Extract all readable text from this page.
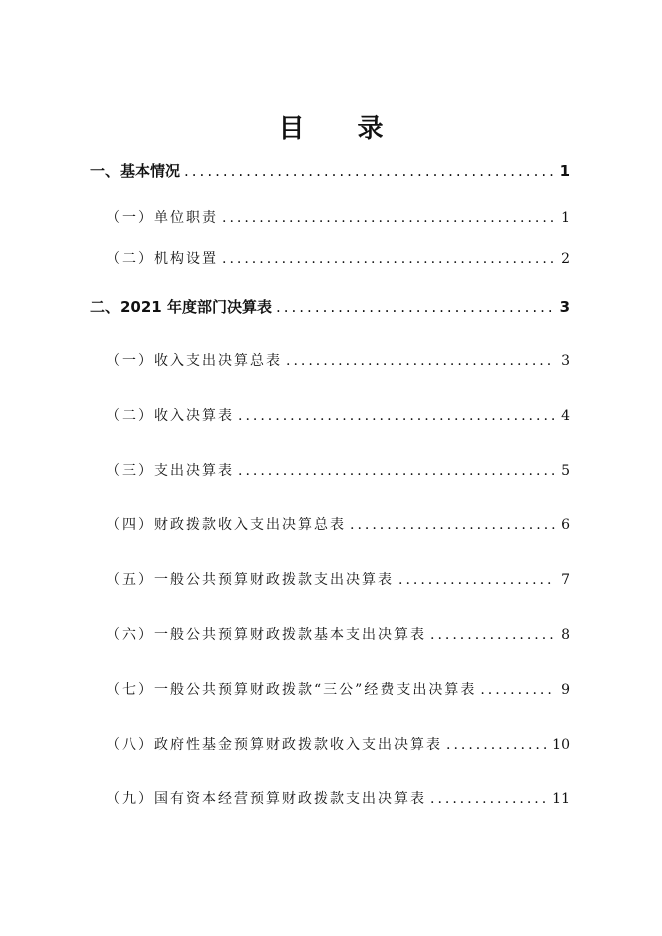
目 录
一、基本情况 .....	1
（一）单位职责 .....	1
（二）机构设置 .....	2
二、2021 年度部门决算表 .....	3
（一）收入支出决算总表 .....	3
（二）收入决算表 .....	4
（三）支出决算表 .....	5
（四）财政拨款收入支出决算总表 .....	6
（五）一般公共预算财政拨款支出决算表 .....	7
（六）一般公共预算财政拨款基本支出决算表 .....	8
（七）一般公共预算财政拨款“三公”经费支出决算表 .....	9
（八）政府性基金预算财政拨款收入支出决算表 .....	10
（九）国有资本经营预算财政拨款支出决算表 .....	11
